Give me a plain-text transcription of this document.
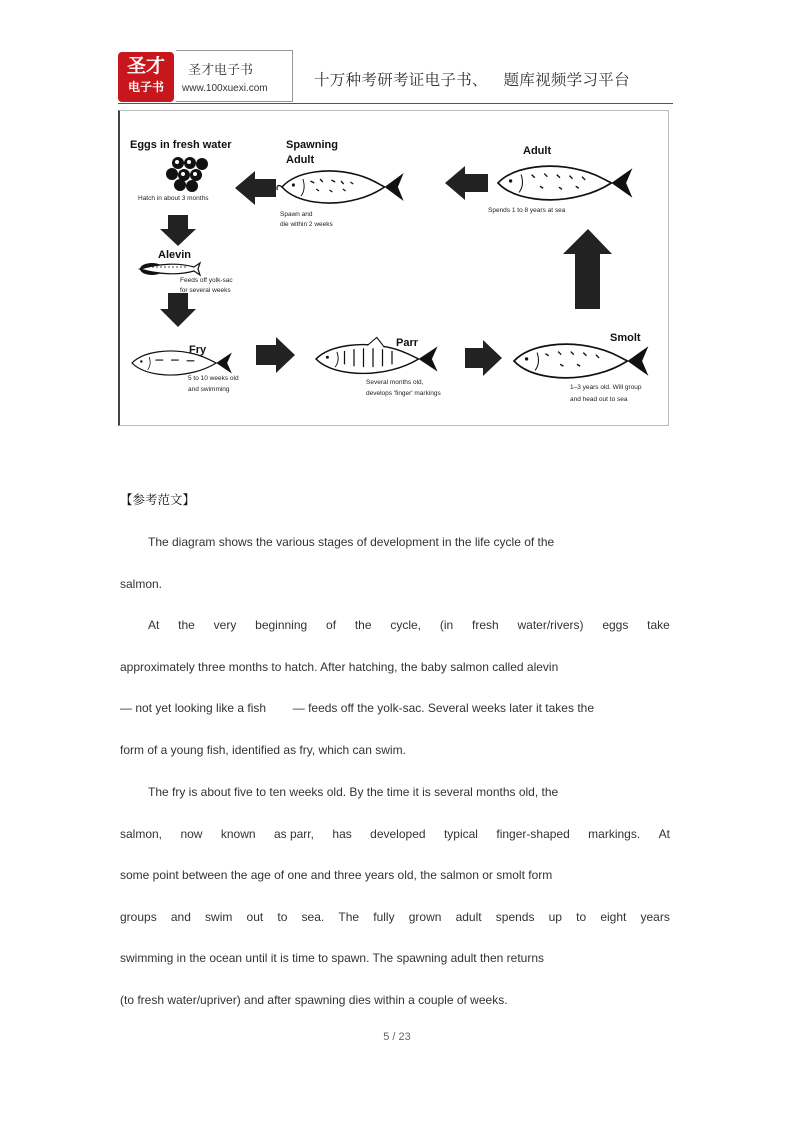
圣才
电子书
圣才电子书
www.100xuexi.com	十万种考研考证电子书、   题库视频学习平台
Eggs in fresh water
Hatch in about 3 months
Spawning
Adult
Spawn and
die within 2 weeks
Adult
Spends 1 to 8 years at sea
Alevin
Feeds off yolk-sac
for several weeks
Fry
5 to 10 weeks old
and swimming
Parr
Several months old,
develops 'finger' markings
Smolt
1–3 years old. Will group
and head out to sea
【参考范文】
The diagram shows the various stages of development in the life cycle of the
salmon.
At the very beginning of the cycle, (in fresh water/rivers) eggs take
approximately three months to hatch. After hatching, the baby salmon called alevin
— not yet looking like a fish        — feeds off the yolk-sac. Several weeks later it takes the
form of a young fish, identified as fry, which can swim.
The fry is about five to ten weeks old. By the time it is several months old, the
salmon, now known as parr, has developed typical finger-shaped markings. At
some point between the age of one and three years old, the salmon or smolt form
groups and swim out to sea. The fully grown adult spends up to eight years
swimming in the ocean until it is time to spawn. The spawning adult then returns
(to fresh water/upriver) and after spawning dies within a couple of weeks.
5 / 23
